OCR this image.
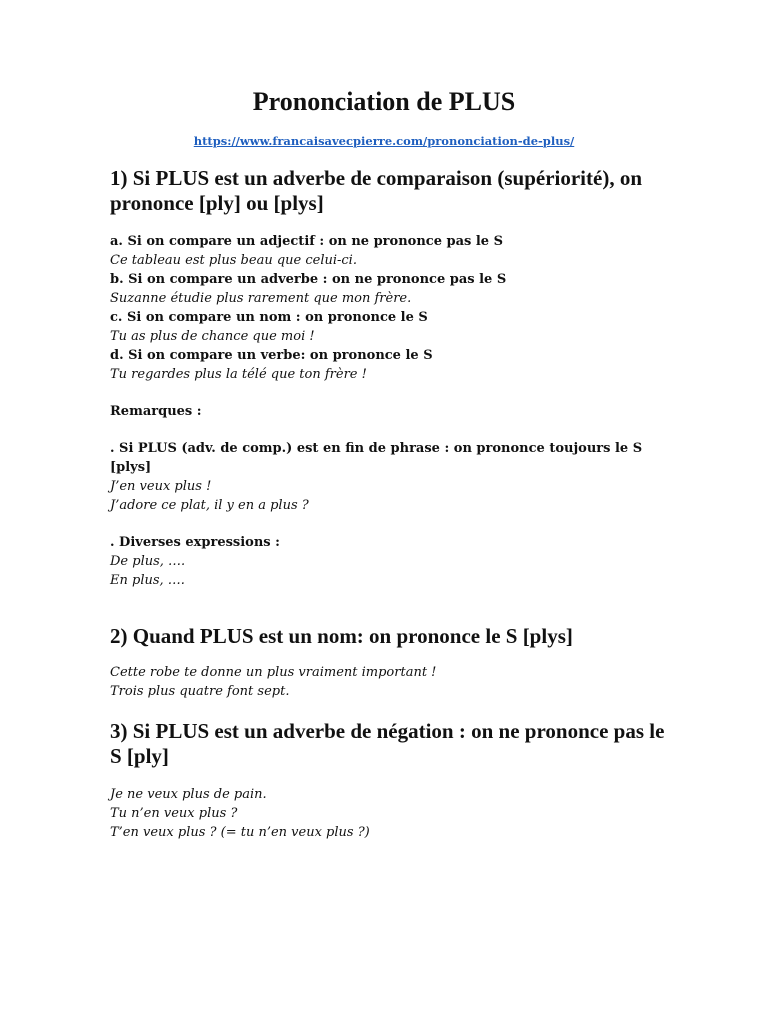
Prononciation de PLUS
https://www.francaisavecpierre.com/prononciation-de-plus/
1) Si PLUS est un adverbe de comparaison (supériorité), on prononce [ply] ou [plys]

a. Si on compare un adjectif : on ne prononce pas le S

Ce tableau est plus beau que celui-ci.

b. Si on compare un adverbe : on ne prononce pas le S

Suzanne étudie plus rarement que mon frère.

c. Si on compare un nom : on prononce le S

Tu as plus de chance que moi !

d. Si on compare un verbe: on prononce le S

Tu regardes plus la télé que ton frère !

Remarques :

. Si PLUS (adv. de comp.) est en fin de phrase : on prononce toujours le S [plys]

J’en veux plus !

J’adore ce plat, il y en a plus ?

. Diverses expressions :

De plus, ….

En plus, ….

2) Quand PLUS est un nom: on prononce le S [plys]

Cette robe te donne un plus vraiment important !

Trois plus quatre font sept.

3) Si PLUS est un adverbe de négation : on ne prononce pas le S [ply]

Je ne veux plus de pain.

Tu n’en veux plus ?

T’en veux plus ? (= tu n’en veux plus ?)
